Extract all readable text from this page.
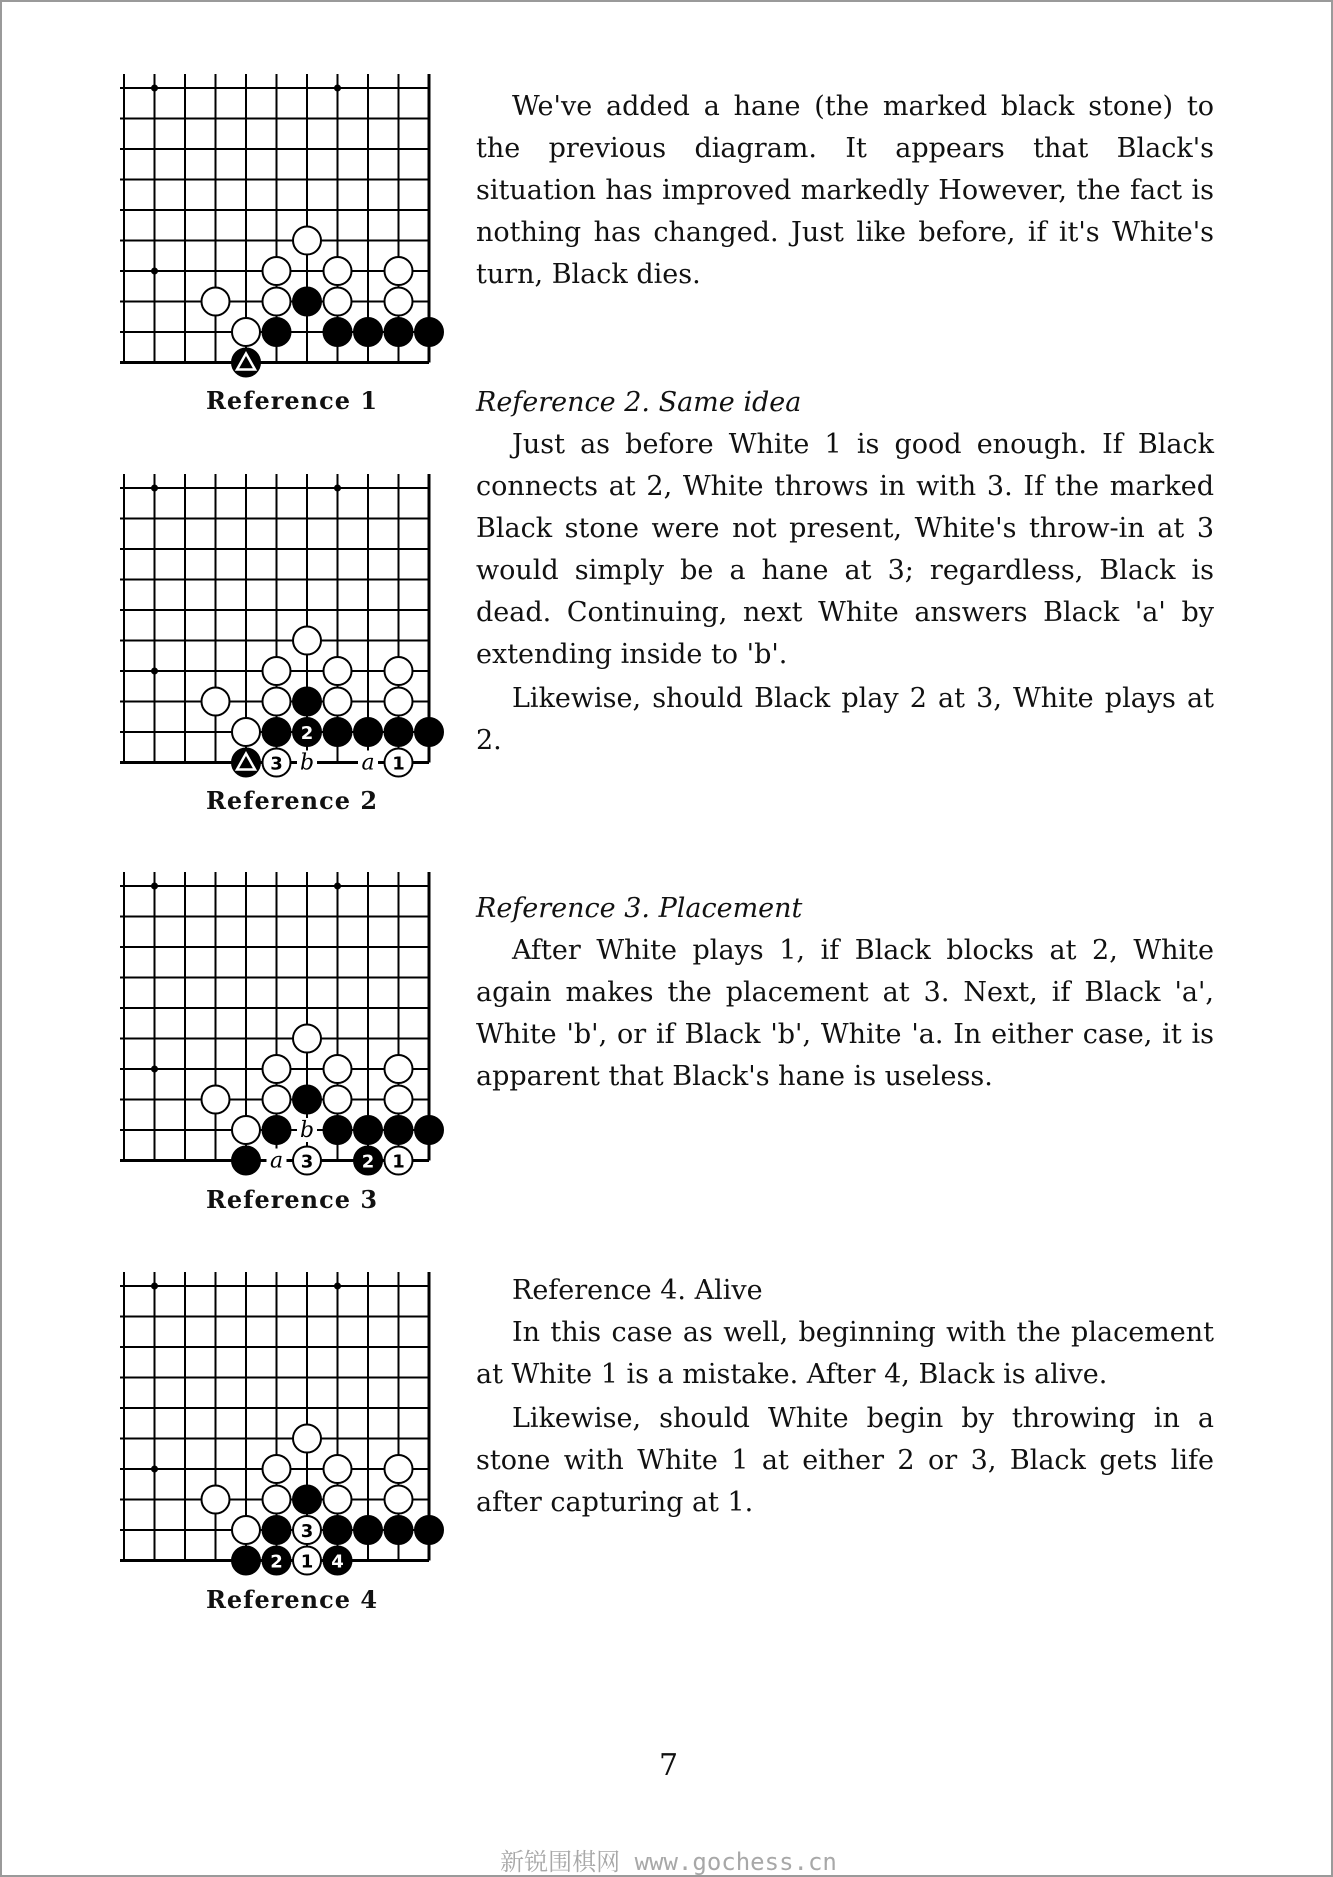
Reference 1
b a
2
3	1
Reference 2
b
a 3	2 1
Reference 3
3
2 1 4
Reference 4

We've added a hane (the marked black stone) to the previous diagram. It appears that Black's situation has improved markedly However, the fact is nothing has changed. Just like before, if it's White's turn, Black dies.

Reference 2. Same idea

Just as before White 1 is good enough. If Black connects at 2, White throws in with 3. If the marked Black stone were not present, White's throw-in at 3 would simply be a hane at 3; regardless, Black is dead. Continuing, next White answers Black 'a' by extending inside to 'b'.

Likewise, should Black play 2 at 3, White plays at 2.

Reference 3. Placement

After White plays 1, if Black blocks at 2, White again makes the placement at 3. Next, if Black 'a', White 'b', or if Black 'b', White 'a. In either case, it is apparent that Black's hane is useless.

Reference 4. Alive

In this case as well, beginning with the placement at White 1 is a mistake. After 4, Black is alive.

Likewise, should White begin by throwing in a stone with White 1 at either 2 or 3, Black gets life after capturing at 1.

7
新锐围棋网 www.gochess.cn
